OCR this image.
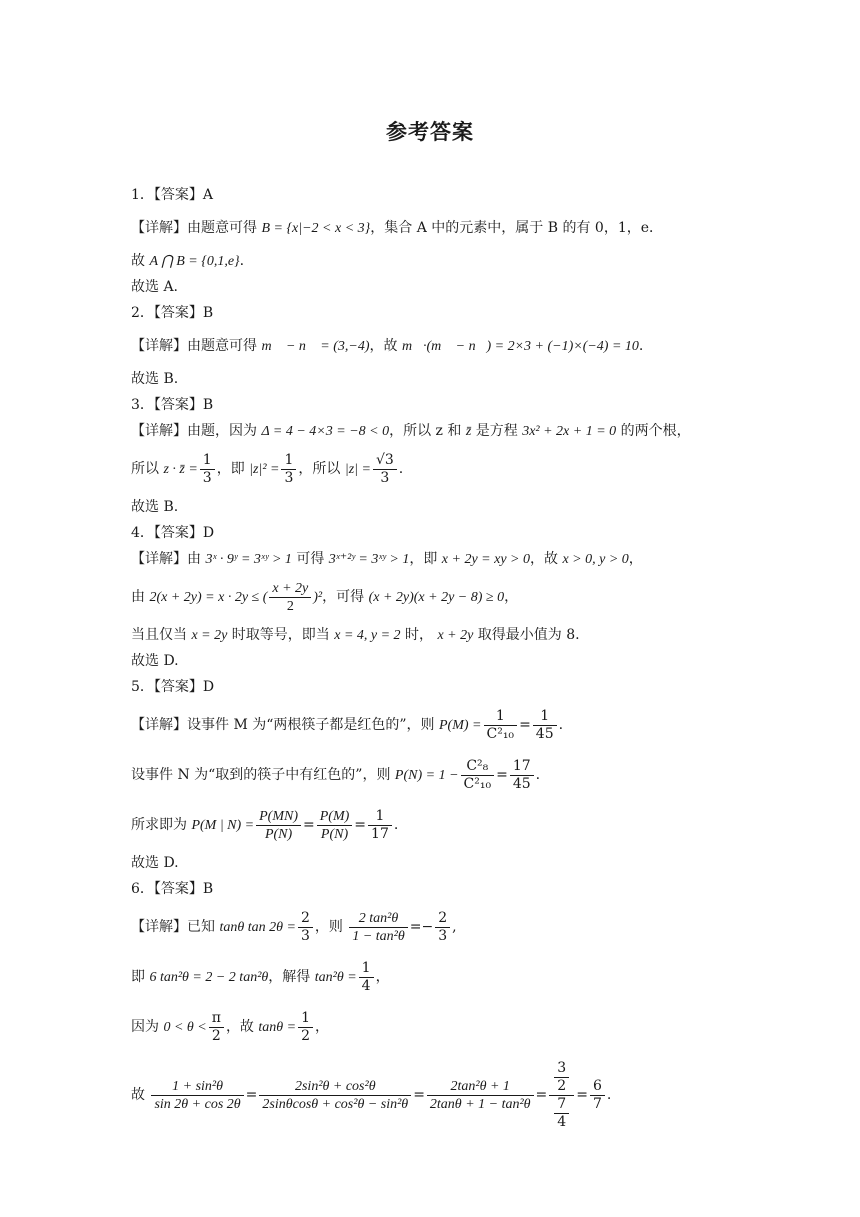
参考答案
1．【答案】A
【详解】由题意可得 B = {x|−2 < x < 3}，集合 A 中的元素中，属于 B 的有 0，1，e．
故 A ⋂ B = {0,1,e}.
故选 A.
2．【答案】B
【详解】由题意可得 m⃗ − n⃗ = (3,−4)，故 m⃗·(m⃗ − n⃗) = 2×3 + (−1)×(−4) = 10.
故选 B.
3．【答案】B
【详解】由题，因为 Δ = 4 − 4×3 = −8 < 0，所以 z 和 z̄ 是方程 3x² + 2x + 1 = 0 的两个根，
所以 z · z̄ = $\frac{1}{3}$ ，即 $|z|^2 = \frac{1}{3}$ ，所以 $|z| = \frac{√3}{3}$ .
故选 B.
4．【答案】D
【详解】由 3ˣ · 9ʸ = 3ˣʸ > 1 可得 3ˣ⁺²ʸ = 3ˣʸ > 1，即 x + 2y = xy > 0，故 x > 0, y > 0，
由 2(x + 2y) = x · 2y ≤ ( $\frac{x + 2y}{2} )^2$，可得 (x + 2y)(x + 2y − 8) ≥ 0，
当且仅当 x = 2y 时取等号，即当 x = 4, y = 2 时， x + 2y 取得最小值为 8.
故选 D.
5．【答案】D
【详解】设事件 M 为“两根筷子都是红色的”，则 $P(M) = \frac{1}{\text{C²₁₀}} = \frac{1}{45}$ .
设事件 N 为“取到的筷子中有红色的”，则 $P(N) = 1 - \frac{\text{C²₈}}{\text{C²₁₀}} = \frac{17}{45}$ .
所求即为 P(M | $N) = \frac{P(MN)}{P(N)} = \frac{P(M)}{P(N)} = \frac{1}{17}$ .
故选 D.
6．【答案】B
【详解】已知 tanθ $\tan 2\theta = \frac{2}{3}$ ，则 $\frac{\text{2 tan²θ}}{\text{1 − tan²θ}} =- \frac{2}{3}$ ,
即 6 tan²θ = 2 − 2 tan²θ，解得 $\tan^2\theta = \frac{1}{4}$ ，
因为 $0 < \theta < \frac{\pi}{2}$ ，故 $\tan\theta = \frac{1}{2}$ ，
故 $\frac{\text{1 + sin²θ}}{\sin 2\theta + \cos 2\theta} = \frac{\text{2sin²θ + cos²θ}}{\text{2sinθcosθ + cos²θ − sin²θ}} = \frac{\text{2tan²θ + 1}}{\text{2tanθ + 1 − tan²θ}} = \frac{\frac{3}{2}}{\frac{7}{4}} = \frac{6}{7}$ .
